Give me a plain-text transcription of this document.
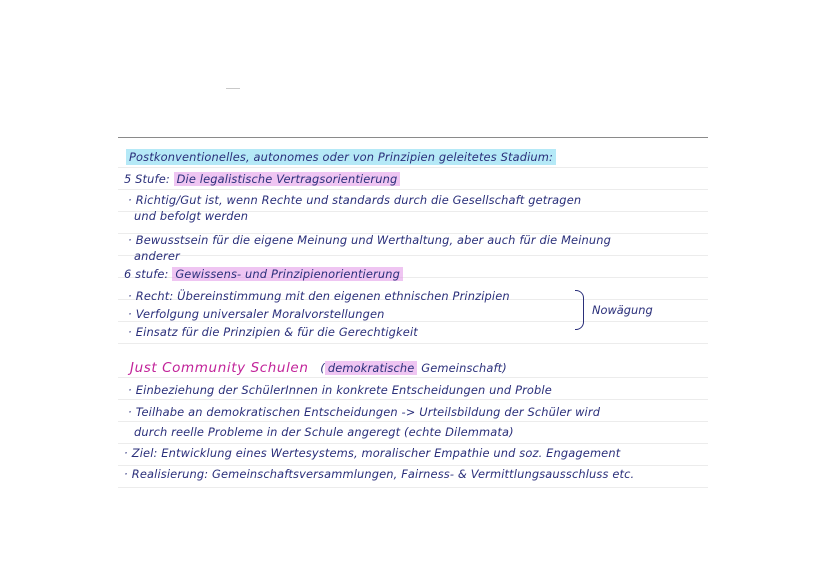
Postkonventionelles, autonomes oder von Prinzipien geleitetes Stadium:
5 Stufe: Die legalistische Vertragsorientierung
· Richtig/Gut ist, wenn Rechte und standards durch die Gesellschaft getragen
und befolgt werden
· Bewusstsein für die eigene Meinung und Werthaltung, aber auch für die Meinung
anderer
6 stufe: Gewissens- und Prinzipienorientierung
· Recht: Übereinstimmung mit den eigenen ethnischen Prinzipien
· Verfolgung universaler Moralvorstellungen
· Einsatz für die Prinzipien & für die Gerechtigkeit
Nowägung
Just Community Schulen ( demokratische Gemeinschaft)
· Einbeziehung der SchülerInnen in konkrete Entscheidungen und Proble
· Teilhabe an demokratischen Entscheidungen -> Urteilsbildung der Schüler wird
durch reelle Probleme in der Schule angeregt (echte Dilemmata)
· Ziel: Entwicklung eines Wertesystems, moralischer Empathie und soz. Engagement
· Realisierung: Gemeinschaftsversammlungen, Fairness- & Vermittlungsausschluss etc.
